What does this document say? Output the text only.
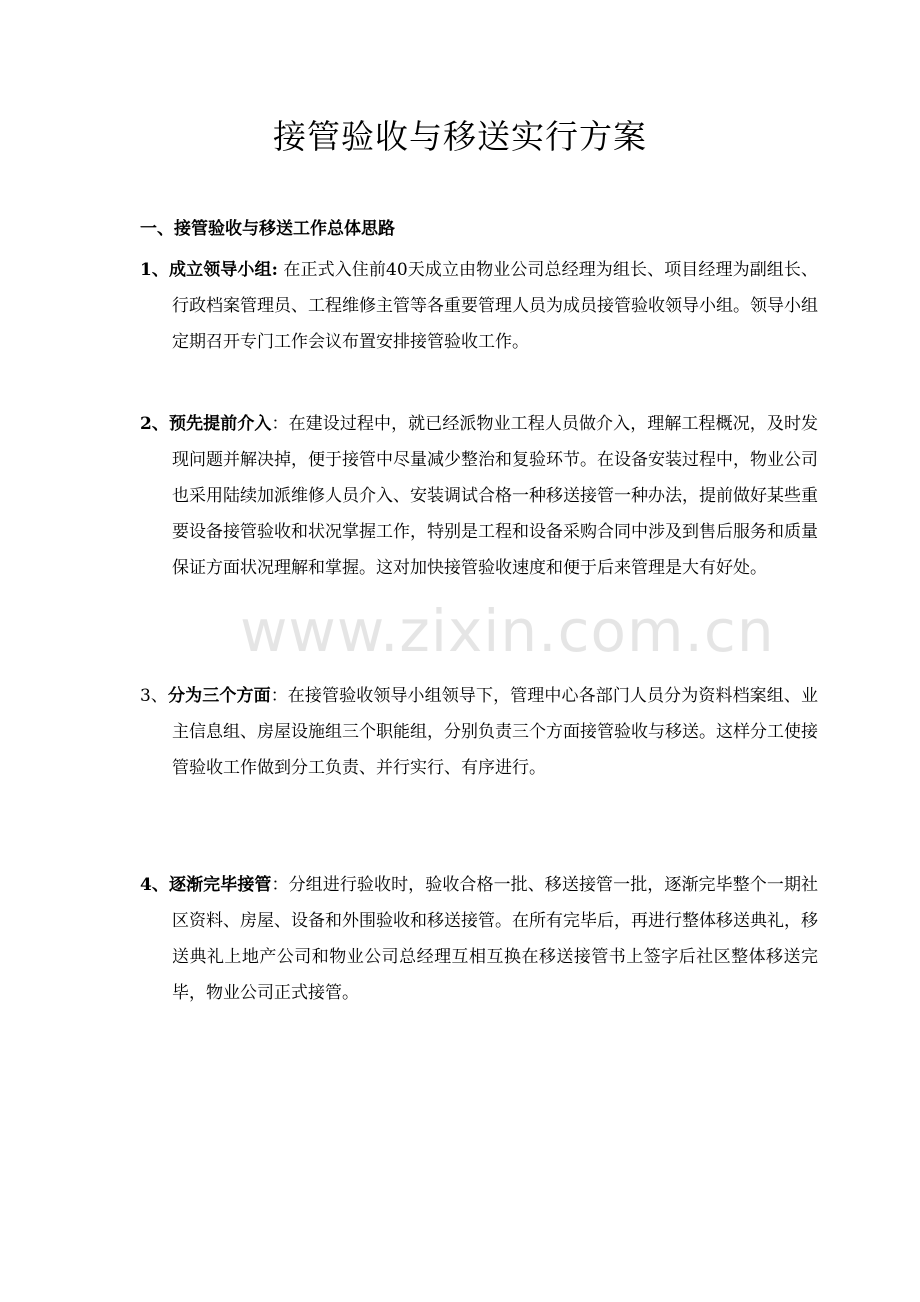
接管验收与移送实行方案

一、接管验收与移送工作总体思路

1、成立领导小组: 在正式入住前40天成立由物业公司总经理为组长、项目经理为副组长、行政档案管理员、工程维修主管等各重要管理人员为成员接管验收领导小组。领导小组定期召开专门工作会议布置安排接管验收工作。

2、预先提前介入：在建设过程中，就已经派物业工程人员做介入，理解工程概况，及时发现问题并解决掉，便于接管中尽量减少整治和复验环节。在设备安装过程中，物业公司也采用陆续加派维修人员介入、安装调试合格一种移送接管一种办法，提前做好某些重要设备接管验收和状况掌握工作，特别是工程和设备采购合同中涉及到售后服务和质量保证方面状况理解和掌握。这对加快接管验收速度和便于后来管理是大有好处。

3、分为三个方面：在接管验收领导小组领导下，管理中心各部门人员分为资料档案组、业主信息组、房屋设施组三个职能组，分别负责三个方面接管验收与移送。这样分工使接管验收工作做到分工负责、并行实行、有序进行。

4、逐渐完毕接管：分组进行验收时，验收合格一批、移送接管一批，逐渐完毕整个一期社区资料、房屋、设备和外围验收和移送接管。在所有完毕后，再进行整体移送典礼，移送典礼上地产公司和物业公司总经理互相互换在移送接管书上签字后社区整体移送完毕，物业公司正式接管。

www.zixin.com.cn
